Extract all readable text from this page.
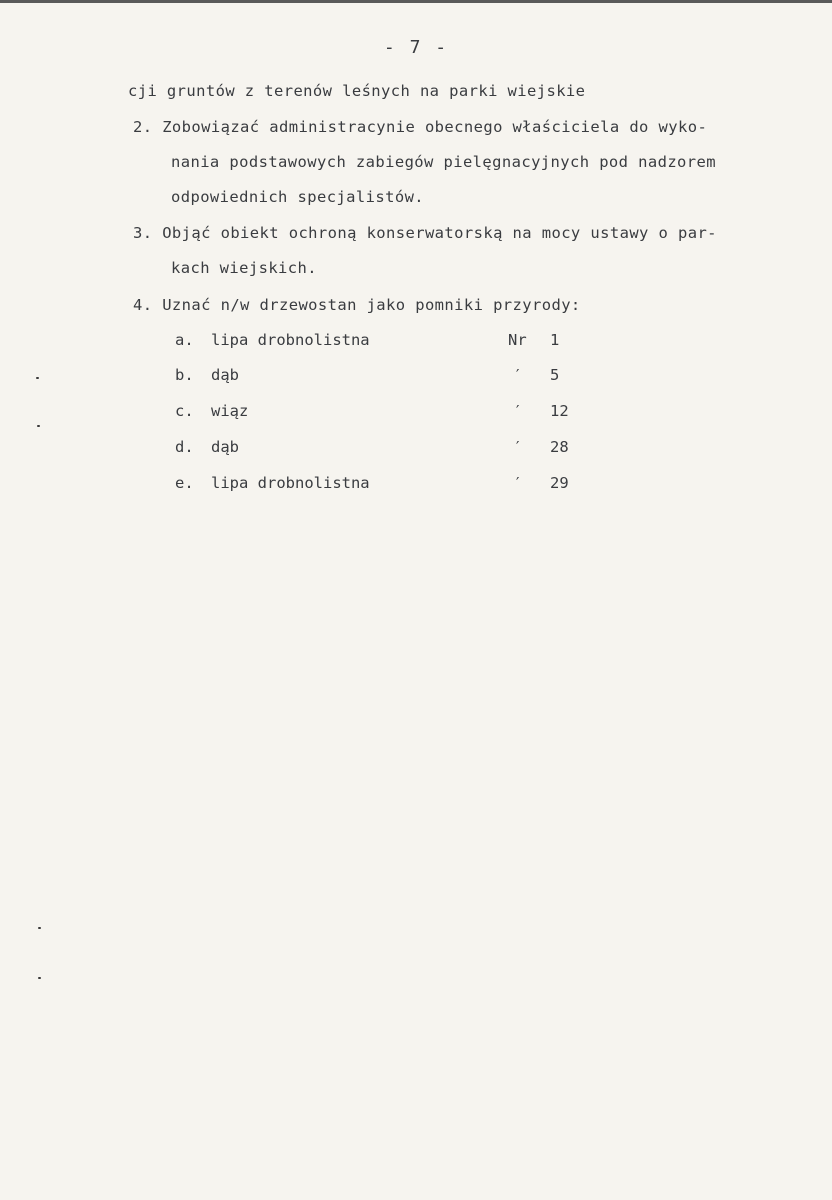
- 7 -
cji gruntów z terenów leśnych na parki wiejskie
2. Zobowiązać administracynie obecnego właściciela do wyko-
nania podstawowych zabiegów pielęgnacyjnych pod nadzorem
odpowiednich specjalistów.
3. Objąć obiekt ochroną konserwatorską na mocy ustawy o par-
kach wiejskich.
4. Uznać n/w drzewostan jako pomniki przyrody:
a. lipa drobnolistna	Nr 1
b. dąb	′ 5
c. wiąz	′ 12
d. dąb	′ 28
e. lipa drobnolistna	′ 29
